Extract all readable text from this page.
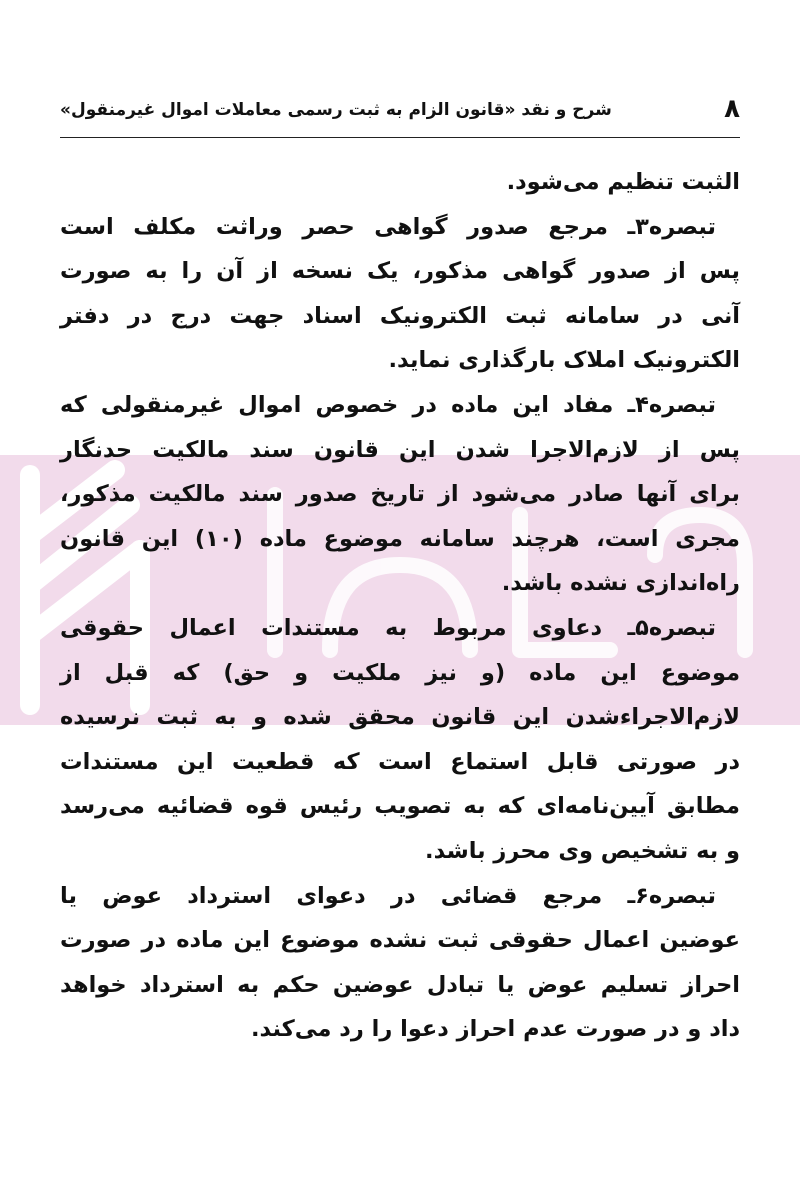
۸
شرح و نقد «قانون الزام به ثبت رسمی معاملات اموال غیرمنقول»
الثبت تنظیم می‌شود.
تبصره۳ـ مرجع صدور گواهی حصر وراثت مکلف است
پس از صدور گواهی مذکور، یک نسخه از آن را به صورت
آنی در سامانه ثبت الکترونیک اسناد جهت درج در دفتر
الکترونیک املاک بارگذاری نماید.
تبصره۴ـ مفاد این ماده در خصوص اموال غیرمنقولی که
پس از لازم‌الاجرا شدن این قانون سند مالکیت حدنگار
برای آنها صادر می‌شود از تاریخ صدور سند مالکیت مذکور،
مجری است، هرچند سامانه موضوع ماده (۱۰) این قانون
راه‌اندازی نشده باشد.
تبصره۵ـ دعاوی مربوط به مستندات اعمال حقوقی
موضوع این ماده (و نیز ملکیت و حق) که قبل از
لازم‌الاجراءشدن این قانون محقق شده و به ثبت نرسیده
در صورتی قابل استماع است که قطعیت این مستندات
مطابق آیین‌نامه‌ای که به تصویب رئیس قوه قضائیه می‌رسد
و به تشخیص وی محرز باشد.
تبصره۶ـ مرجع قضائی در دعوای استرداد عوض یا
عوضین اعمال حقوقی ثبت نشده موضوع این ماده در صورت
احراز تسلیم عوض یا تبادل عوضین حکم به استرداد خواهد
داد و در صورت عدم احراز دعوا را رد می‌کند.
